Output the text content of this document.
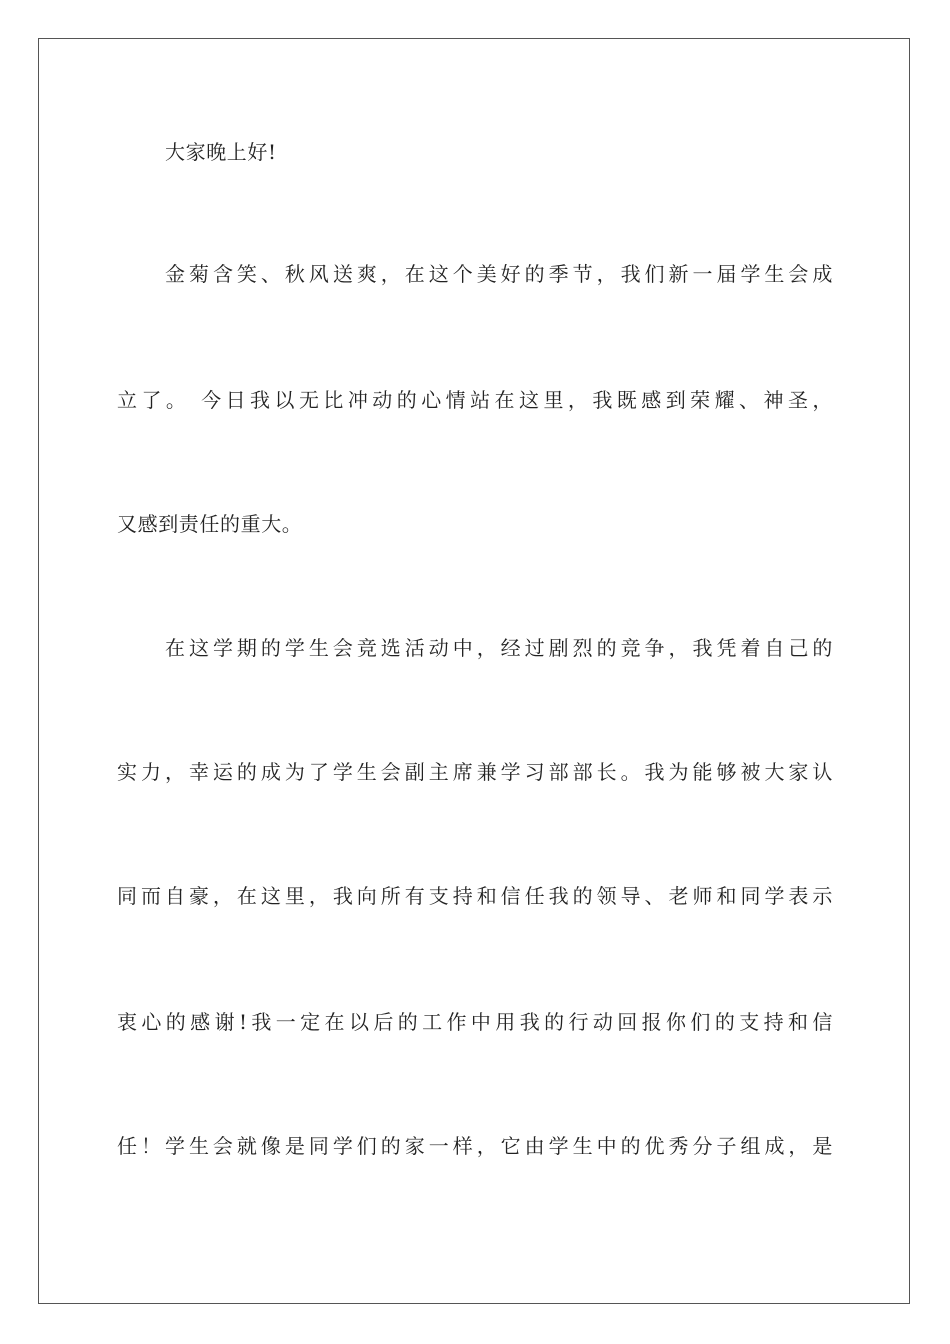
大家晚上好!
金菊含笑、秋风送爽，在这个美好的季节，我们新一届学生会成
立了。 今日我以无比冲动的心情站在这里，我既感到荣耀、神圣，
又感到责任的重大。
在这学期的学生会竞选活动中，经过剧烈的竞争，我凭着自己的
实力，幸运的成为了学生会副主席兼学习部部长。我为能够被大家认
同而自豪，在这里，我向所有支持和信任我的领导、老师和同学表示
衷心的感谢!我一定在以后的工作中用我的行动回报你们的支持和信
任！学生会就像是同学们的家一样，它由学生中的优秀分子组成，是
